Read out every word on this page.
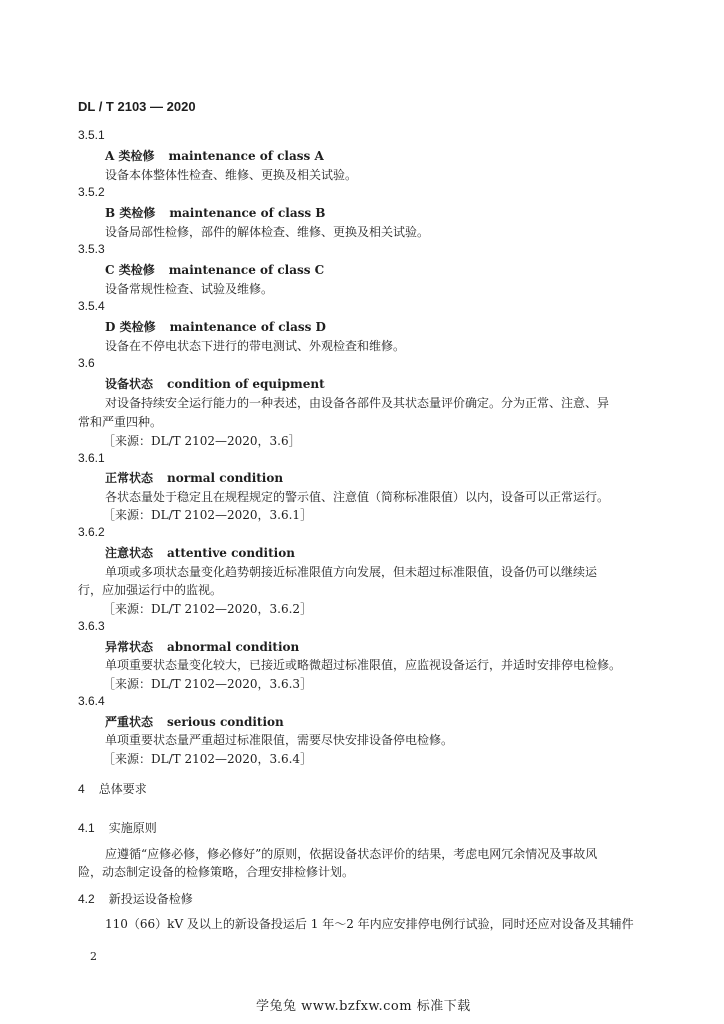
DL / T 2103 — 2020
3.5.1
A 类检修 maintenance of class A
设备本体整体性检查、维修、更换及相关试验。
3.5.2
B 类检修 maintenance of class B
设备局部性检修，部件的解体检查、维修、更换及相关试验。
3.5.3
C 类检修 maintenance of class C
设备常规性检查、试验及维修。
3.5.4
D 类检修 maintenance of class D
设备在不停电状态下进行的带电测试、外观检查和维修。
3.6
设备状态 condition of equipment
对设备持续安全运行能力的一种表述，由设备各部件及其状态量评价确定。分为正常、注意、异
常和严重四种。
［来源：DL/T 2102—2020，3.6］
3.6.1
正常状态 normal condition
各状态量处于稳定且在规程规定的警示值、注意值（简称标准限值）以内，设备可以正常运行。
［来源：DL/T 2102—2020，3.6.1］
3.6.2
注意状态 attentive condition
单项或多项状态量变化趋势朝接近标准限值方向发展，但未超过标准限值，设备仍可以继续运
行，应加强运行中的监视。
［来源：DL/T 2102—2020，3.6.2］
3.6.3
异常状态 abnormal condition
单项重要状态量变化较大，已接近或略微超过标准限值，应监视设备运行，并适时安排停电检修。
［来源：DL/T 2102—2020，3.6.3］
3.6.4
严重状态 serious condition
单项重要状态量严重超过标准限值，需要尽快安排设备停电检修。
［来源：DL/T 2102—2020，3.6.4］
4 总体要求
4.1 实施原则
应遵循“应修必修，修必修好”的原则，依据设备状态评价的结果，考虑电网冗余情况及事故风
险，动态制定设备的检修策略，合理安排检修计划。
4.2 新投运设备检修
110（66）kV 及以上的新设备投运后 1 年～2 年内应安排停电例行试验，同时还应对设备及其辅件
2
学兔兔 www.bzfxw.com 标准下载
